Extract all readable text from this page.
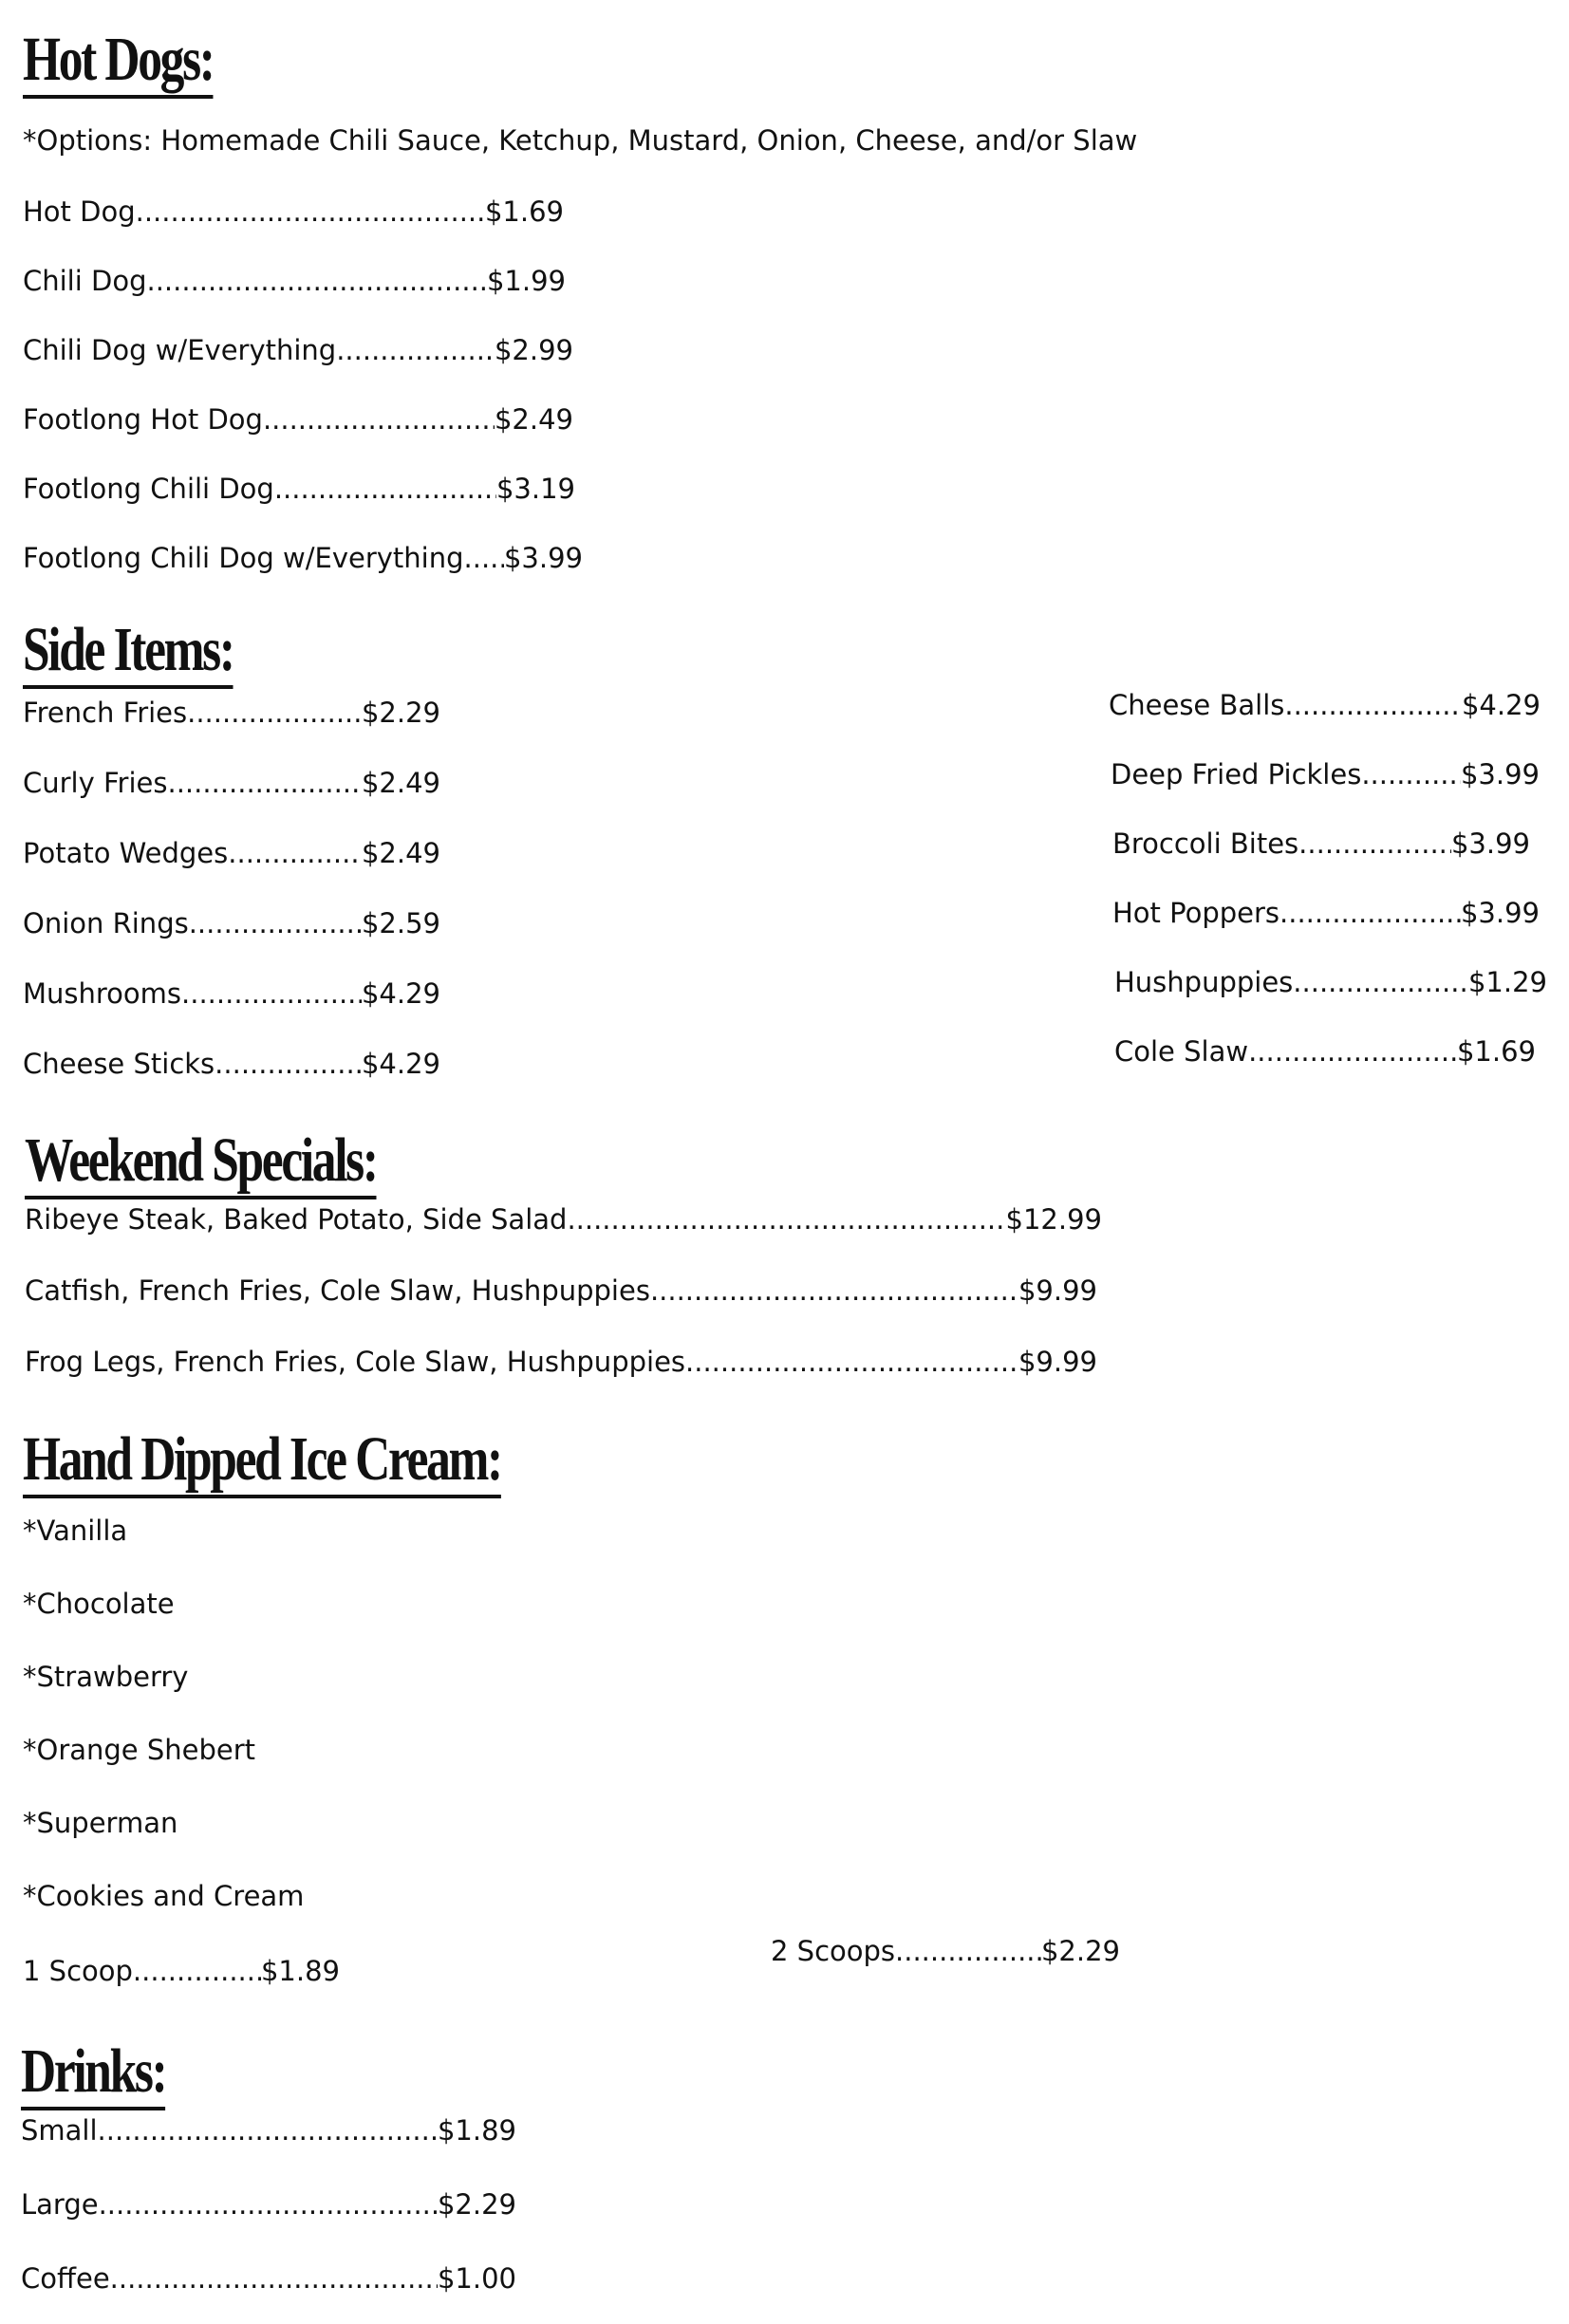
Hot Dogs:
*Options: Homemade Chili Sauce, Ketchup, Mustard, Onion, Cheese, and/or Slaw
Hot Dog .....	$1.69
Chili Dog .....	$1.99
Chili Dog w/Everything .....	$2.99
Footlong Hot Dog .....	$2.49
Footlong Chili Dog .....	$3.19
Footlong Chili Dog w/Everything ..... $3.99
Side Items:
French Fries .....	$2.29
Curly Fries .....	$2.49
Potato Wedges .....	$2.49
Onion Rings .....	$2.59
Mushrooms .....	$4.29
Cheese Sticks .....	$4.29
Cheese Balls .....	$4.29
Deep Fried Pickles .....	$3.99
Broccoli Bites .....	$3.99
Hot Poppers .....	$3.99
Hushpuppies .....	$1.29
Cole Slaw .....	$1.69
Weekend Specials:
Ribeye Steak, Baked Potato, Side Salad .....	$12.99
Catfish, French Fries, Cole Slaw, Hushpuppies .....	$9.99
Frog Legs, French Fries, Cole Slaw, Hushpuppies .....	$9.99
Hand Dipped Ice Cream:
*Vanilla
*Chocolate
*Strawberry
*Orange Shebert
*Superman
*Cookies and Cream
1 Scoop .....	$1.89
2 Scoops .....	$2.29
Drinks:
Small .....	$1.89
Large .....	$2.29
Coffee .....	$1.00
